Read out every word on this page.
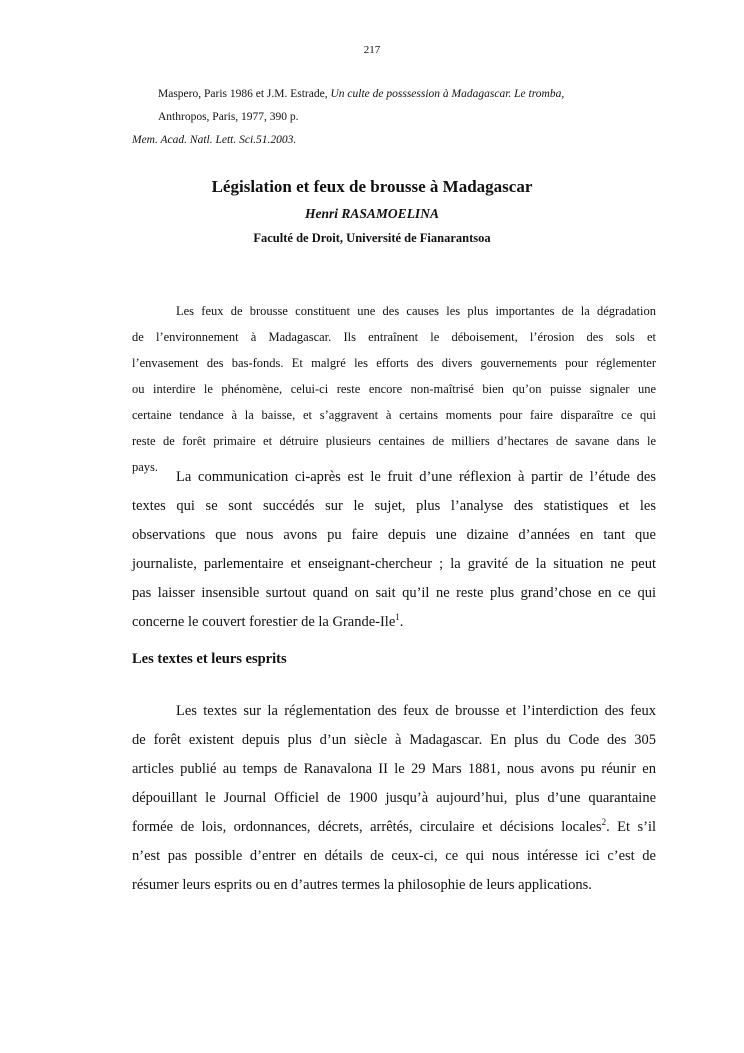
217
Maspero, Paris 1986 et J.M. Estrade, Un culte de posssession à Madagascar. Le tromba,
Anthropos, Paris, 1977, 390 p.
Mem. Acad. Natl. Lett. Sci.51.2003.
Législation et feux de brousse à Madagascar
Henri RASAMOELINA
Faculté de Droit, Université de Fianarantsoa
Les feux de brousse constituent une des causes les plus importantes de la dégradation
de l’environnement à Madagascar. Ils entraînent le déboisement, l’érosion des sols et
l’envasement des bas-fonds. Et malgré les efforts des divers gouvernements pour réglementer
ou interdire le phénomène, celui-ci reste encore non-maîtrisé bien qu’on puisse signaler une
certaine tendance à la baisse, et s’aggravent à certains moments pour faire disparaître ce qui
reste de forêt primaire et détruire plusieurs centaines de milliers d’hectares de savane dans le
pays.
La communication ci-après est le fruit d’une réflexion à partir de l’étude des
textes qui se sont succédés sur le sujet, plus l’analyse des statistiques et les
observations que nous avons pu faire depuis une dizaine d’années en tant que
journaliste, parlementaire et enseignant-chercheur ; la gravité de la situation ne peut
pas laisser insensible surtout quand on sait qu’il ne reste plus grand’chose en ce qui
concerne le couvert forestier de la Grande-Ile$^1$.
Les textes et leurs esprits
Les textes sur la réglementation des feux de brousse et l’interdiction des feux
de forêt existent depuis plus d’un siècle à Madagascar. En plus du Code des 305
articles publié au temps de Ranavalona II le 29 Mars 1881, nous avons pu réunir en
dépouillant le Journal Officiel de 1900 jusqu’à aujourd’hui, plus d’une quarantaine
formée de lois, ordonnances, décrets, arrêtés, circulaire et décisions locales$^2$. Et s’il
n’est pas possible d’entrer en détails de ceux-ci, ce qui nous intéresse ici c’est de
résumer leurs esprits ou en d’autres termes la philosophie de leurs applications.
